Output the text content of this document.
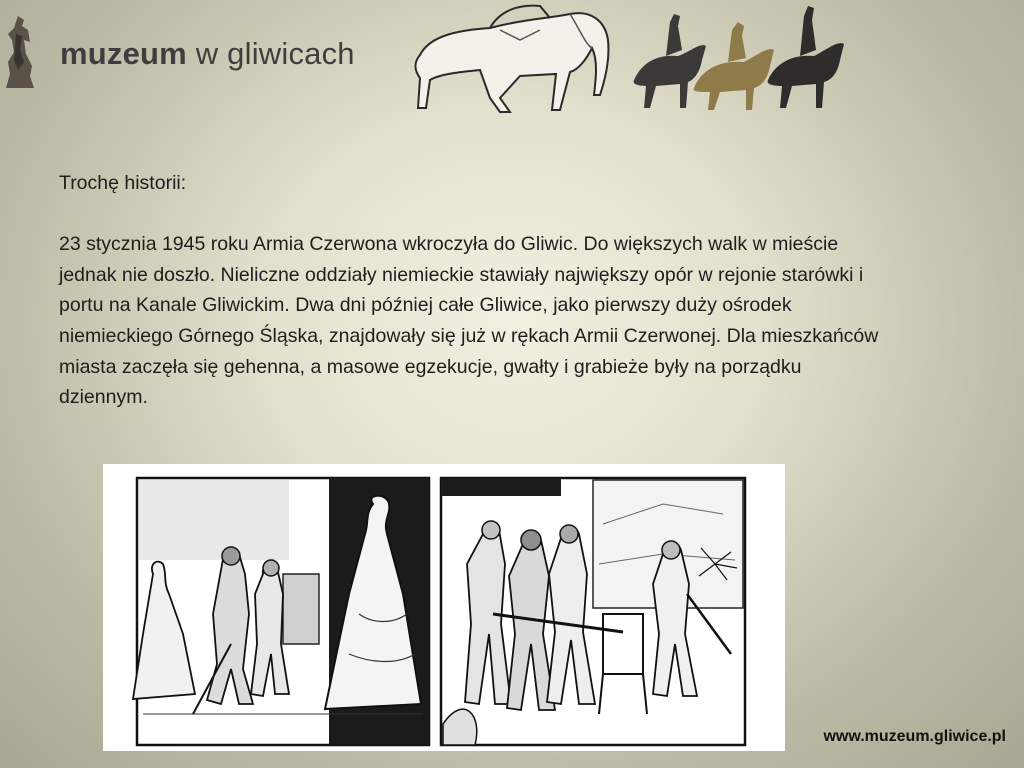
muzeum w gliwicach

Trochę historii:

23 stycznia 1945 roku Armia Czerwona wkroczyła do Gliwic. Do większych walk w mieście jednak nie doszło. Nieliczne oddziały niemieckie stawiały największy opór w rejonie starówki i portu na Kanale Gliwickim. Dwa dni później całe Gliwice, jako pierwszy duży ośrodek niemieckiego Górnego Śląska, znajdowały się już w rękach Armii Czerwonej. Dla mieszkańców miasta zaczęła się gehenna, a masowe egzekucje, gwałty i grabieże były na porządku dziennym.

www.muzeum.gliwice.pl
